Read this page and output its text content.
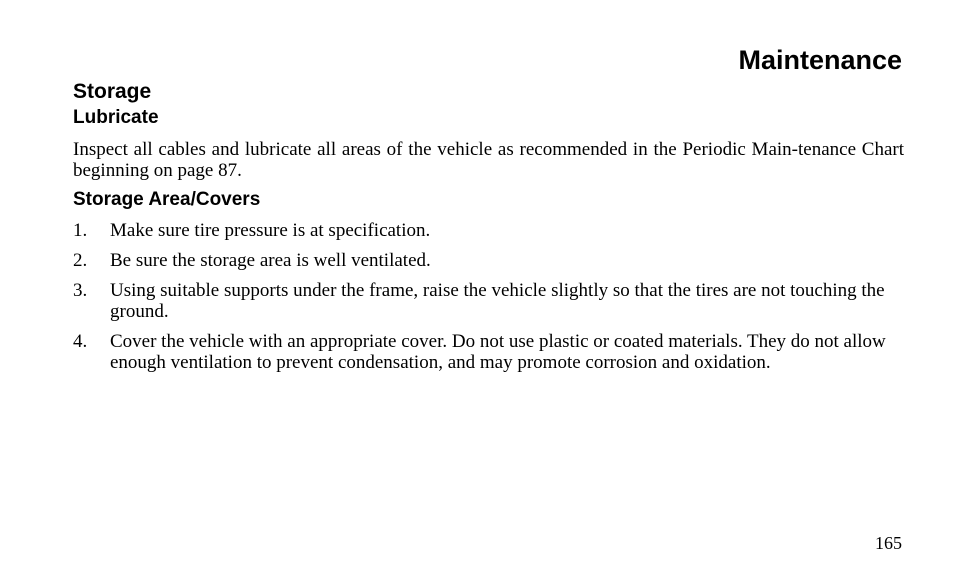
Maintenance
Storage
Lubricate

Inspect all cables and lubricate all areas of the vehicle as recommended in the Periodic Main-tenance Chart beginning on page 87.

Storage Area/Covers
1. Make sure tire pressure is at specification.
2. Be sure the storage area is well ventilated.
3. Using suitable supports under the frame, raise the vehicle slightly so that the tires are not touching the ground.
4. Cover the vehicle with an appropriate cover. Do not use plastic or coated materials. They do not allow enough ventilation to prevent condensation, and may promote corrosion and oxidation.
165
